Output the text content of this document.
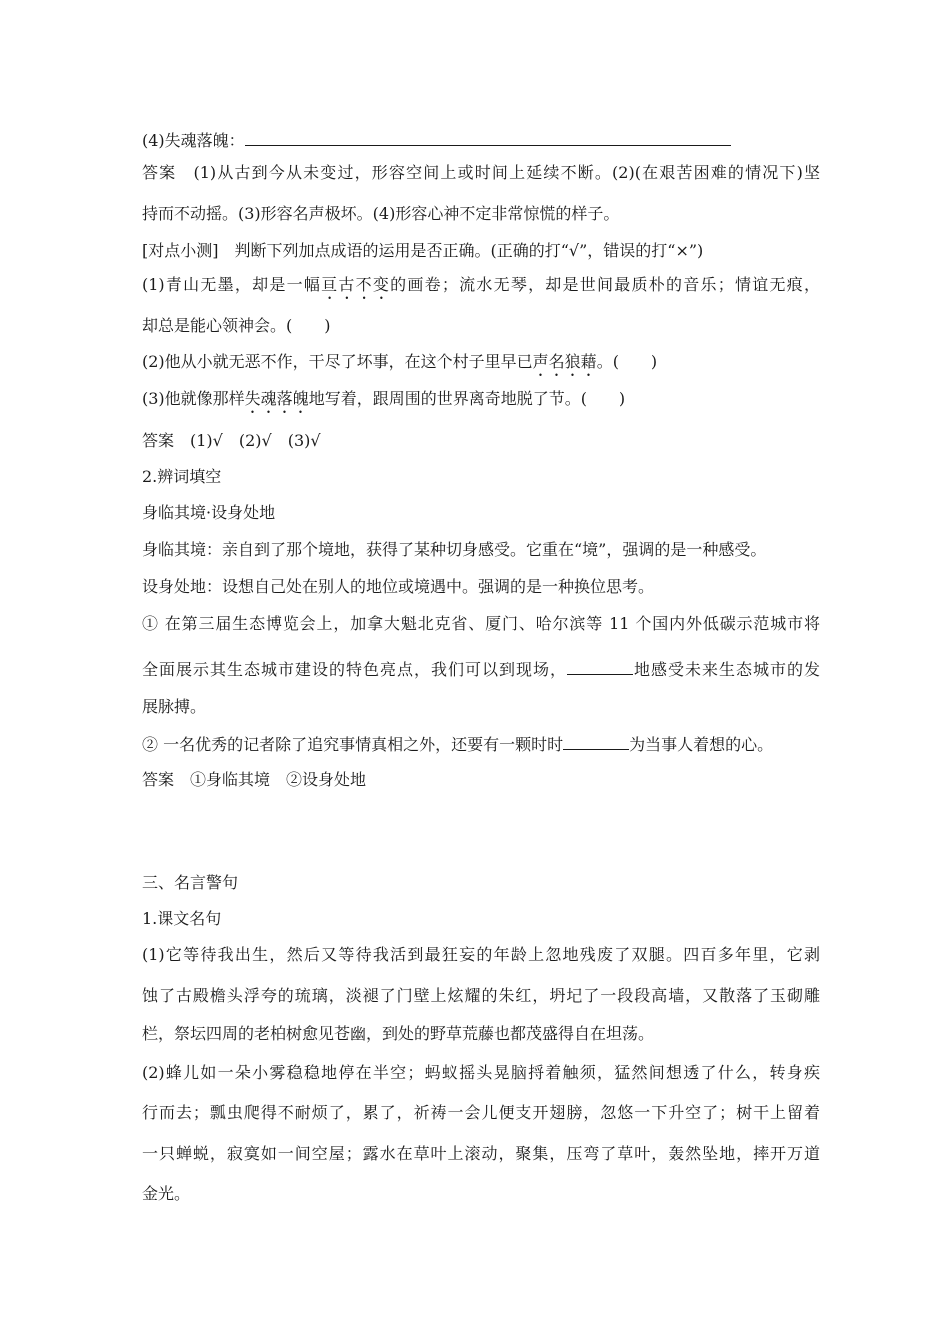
(4)失魂落魄：
答案　(1)从古到今从未变过，形容空间上或时间上延续不断。(2)(在艰苦困难的情况下)坚
持而不动摇。(3)形容名声极坏。(4)形容心神不定非常惊慌的样子。
[对点小测]　判断下列加点成语的运用是否正确。(正确的打“√”，错误的打“×”)
(1)青山无墨，却是一幅亘古不变的画卷；流水无琴，却是世间最质朴的音乐；情谊无痕，
却总是能心领神会。(　　)
(2)他从小就无恶不作，干尽了坏事，在这个村子里早已声名狼藉。(　　)
(3)他就像那样失魂落魄地写着，跟周围的世界离奇地脱了节。(　　)
答案　(1)√　(2)√　(3)√
2.辨词填空
身临其境·设身处地
身临其境：亲自到了那个境地，获得了某种切身感受。它重在“境”，强调的是一种感受。
设身处地：设想自己处在别人的地位或境遇中。强调的是一种换位思考。
① 在第三届生态博览会上，加拿大魁北克省、厦门、哈尔滨等 11 个国内外低碳示范城市将
全面展示其生态城市建设的特色亮点，我们可以到现场，	地感受未来生态城市的发
展脉搏。
② 一名优秀的记者除了追究事情真相之外，还要有一颗时时	为当事人着想的心。
答案　①身临其境　②设身处地
三、名言警句
1.课文名句
(1)它等待我出生，然后又等待我活到最狂妄的年龄上忽地残废了双腿。四百多年里，它剥
蚀了古殿檐头浮夸的琉璃，淡褪了门壁上炫耀的朱红，坍圮了一段段高墙，又散落了玉砌雕
栏，祭坛四周的老柏树愈见苍幽，到处的野草荒藤也都茂盛得自在坦荡。
(2)蜂儿如一朵小雾稳稳地停在半空；蚂蚁摇头晃脑捋着触须，猛然间想透了什么，转身疾
行而去；瓢虫爬得不耐烦了，累了，祈祷一会儿便支开翅膀，忽悠一下升空了；树干上留着
一只蝉蜕，寂寞如一间空屋；露水在草叶上滚动，聚集，压弯了草叶，轰然坠地，摔开万道
金光。
